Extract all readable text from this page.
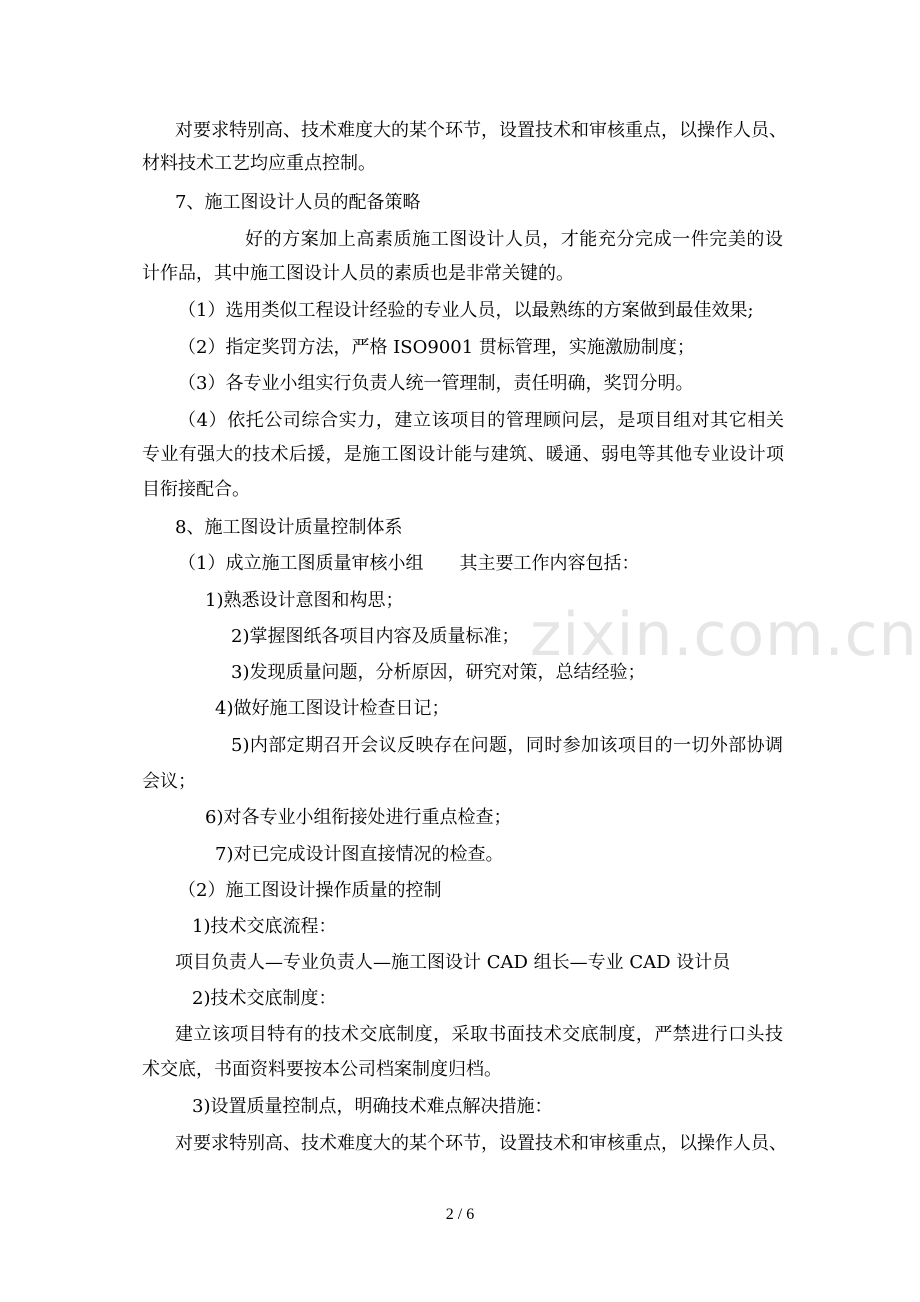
zixin.com.cn
对要求特别高、技术难度大的某个环节，设置技术和审核重点，以操作人员、
材料技术工艺均应重点控制。
7、施工图设计人员的配备策略
好的方案加上高素质施工图设计人员，才能充分完成一件完美的设
计作品，其中施工图设计人员的素质也是非常关键的。
（1）选用类似工程设计经验的专业人员，以最熟练的方案做到最佳效果;
（2）指定奖罚方法，严格 ISO9001 贯标管理，实施激励制度；
（3）各专业小组实行负责人统一管理制，责任明确，奖罚分明。
（4）依托公司综合实力，建立该项目的管理顾问层，是项目组对其它相关
专业有强大的技术后援，是施工图设计能与建筑、暖通、弱电等其他专业设计项
目衔接配合。
8、施工图设计质量控制体系
（1）成立施工图质量审核小组　　其主要工作内容包括：
1)熟悉设计意图和构思；
2)掌握图纸各项目内容及质量标准；
3)发现质量问题，分析原因，研究对策，总结经验；
4)做好施工图设计检查日记；
5)内部定期召开会议反映存在问题，同时参加该项目的一切外部协调
会议；
6)对各专业小组衔接处进行重点检查；
7)对已完成设计图直接情况的检查。
（2）施工图设计操作质量的控制
1)技术交底流程：
项目负责人—专业负责人—施工图设计 CAD 组长—专业 CAD 设计员
2)技术交底制度：
建立该项目特有的技术交底制度，采取书面技术交底制度，严禁进行口头技
术交底，书面资料要按本公司档案制度归档。
3)设置质量控制点，明确技术难点解决措施：
对要求特别高、技术难度大的某个环节，设置技术和审核重点，以操作人员、
2 / 6
